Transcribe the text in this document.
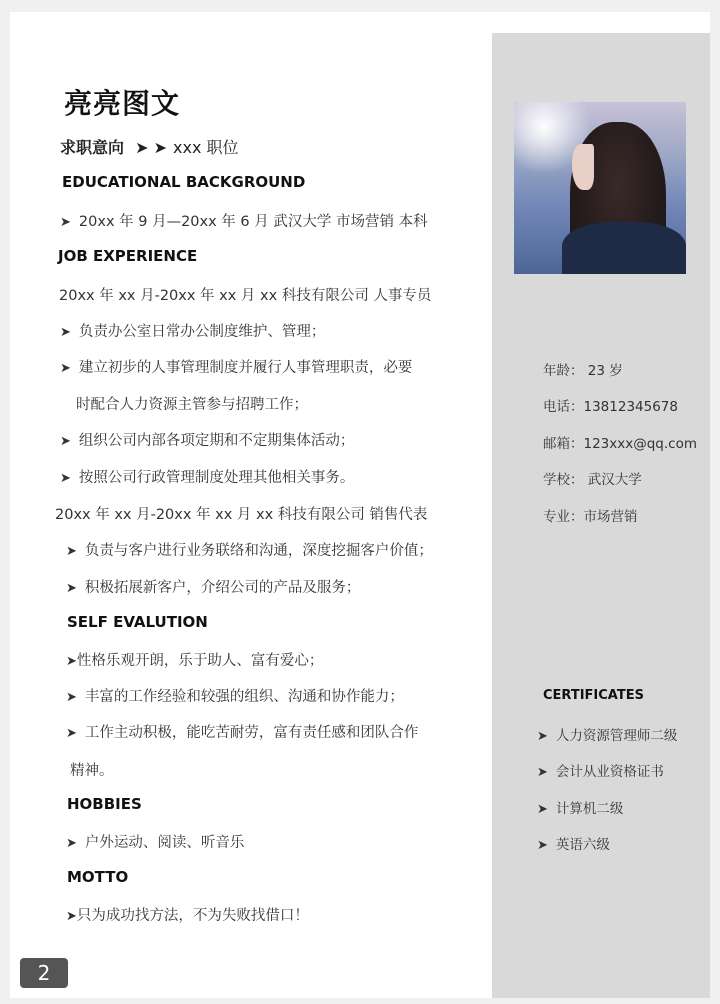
亮亮图文
求职意向 ➤ ➤ xxx 职位
EDUCATIONAL BACKGROUND
➤ 20xx 年 9 月—20xx 年 6 月 武汉大学 市场营销 本科
JOB EXPERIENCE
20xx 年 xx 月-20xx 年 xx 月 xx 科技有限公司 人事专员
➤ 负责办公室日常办公制度维护、管理；
➤ 建立初步的人事管理制度并履行人事管理职责，必要
时配合人力资源主管参与招聘工作；
➤ 组织公司内部各项定期和不定期集体活动；
➤ 按照公司行政管理制度处理其他相关事务。
20xx 年 xx 月-20xx 年 xx 月 xx 科技有限公司 销售代表
➤ 负责与客户进行业务联络和沟通，深度挖掘客户价值；
➤ 积极拓展新客户，介绍公司的产品及服务；
SELF EVALUTION
➤性格乐观开朗，乐于助人、富有爱心；
➤ 丰富的工作经验和较强的组织、沟通和协作能力；
➤ 工作主动积极，能吃苦耐劳，富有责任感和团队合作
精神。
HOBBIES
➤ 户外运动、阅读、听音乐
MOTTO
➤只为成功找方法，不为失败找借口！
年龄： 23 岁
电话：13812345678
邮箱：123xxx@qq.com
学校： 武汉大学
专业：市场营销
CERTIFICATES
➤ 人力资源管理师二级
➤ 会计从业资格证书
➤ 计算机二级
➤ 英语六级
2
